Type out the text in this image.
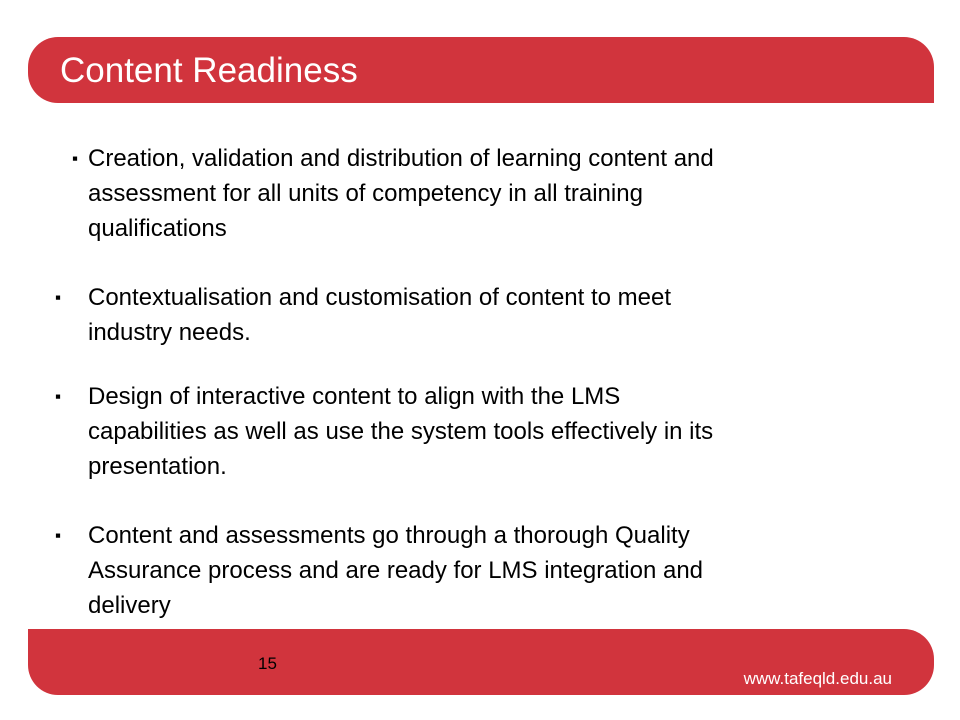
Content Readiness
▪ Creation, validation and distribution of learning content and
assessment for all units of competency in all training
qualifications
▪ Contextualisation and customisation of content to meet
industry needs.
▪ Design of interactive content to align with the LMS
capabilities as well as use the system tools effectively in its
presentation.
▪ Content and assessments go through a thorough Quality
Assurance process and are ready for LMS integration and
delivery
15
www.tafeqld.edu.au
